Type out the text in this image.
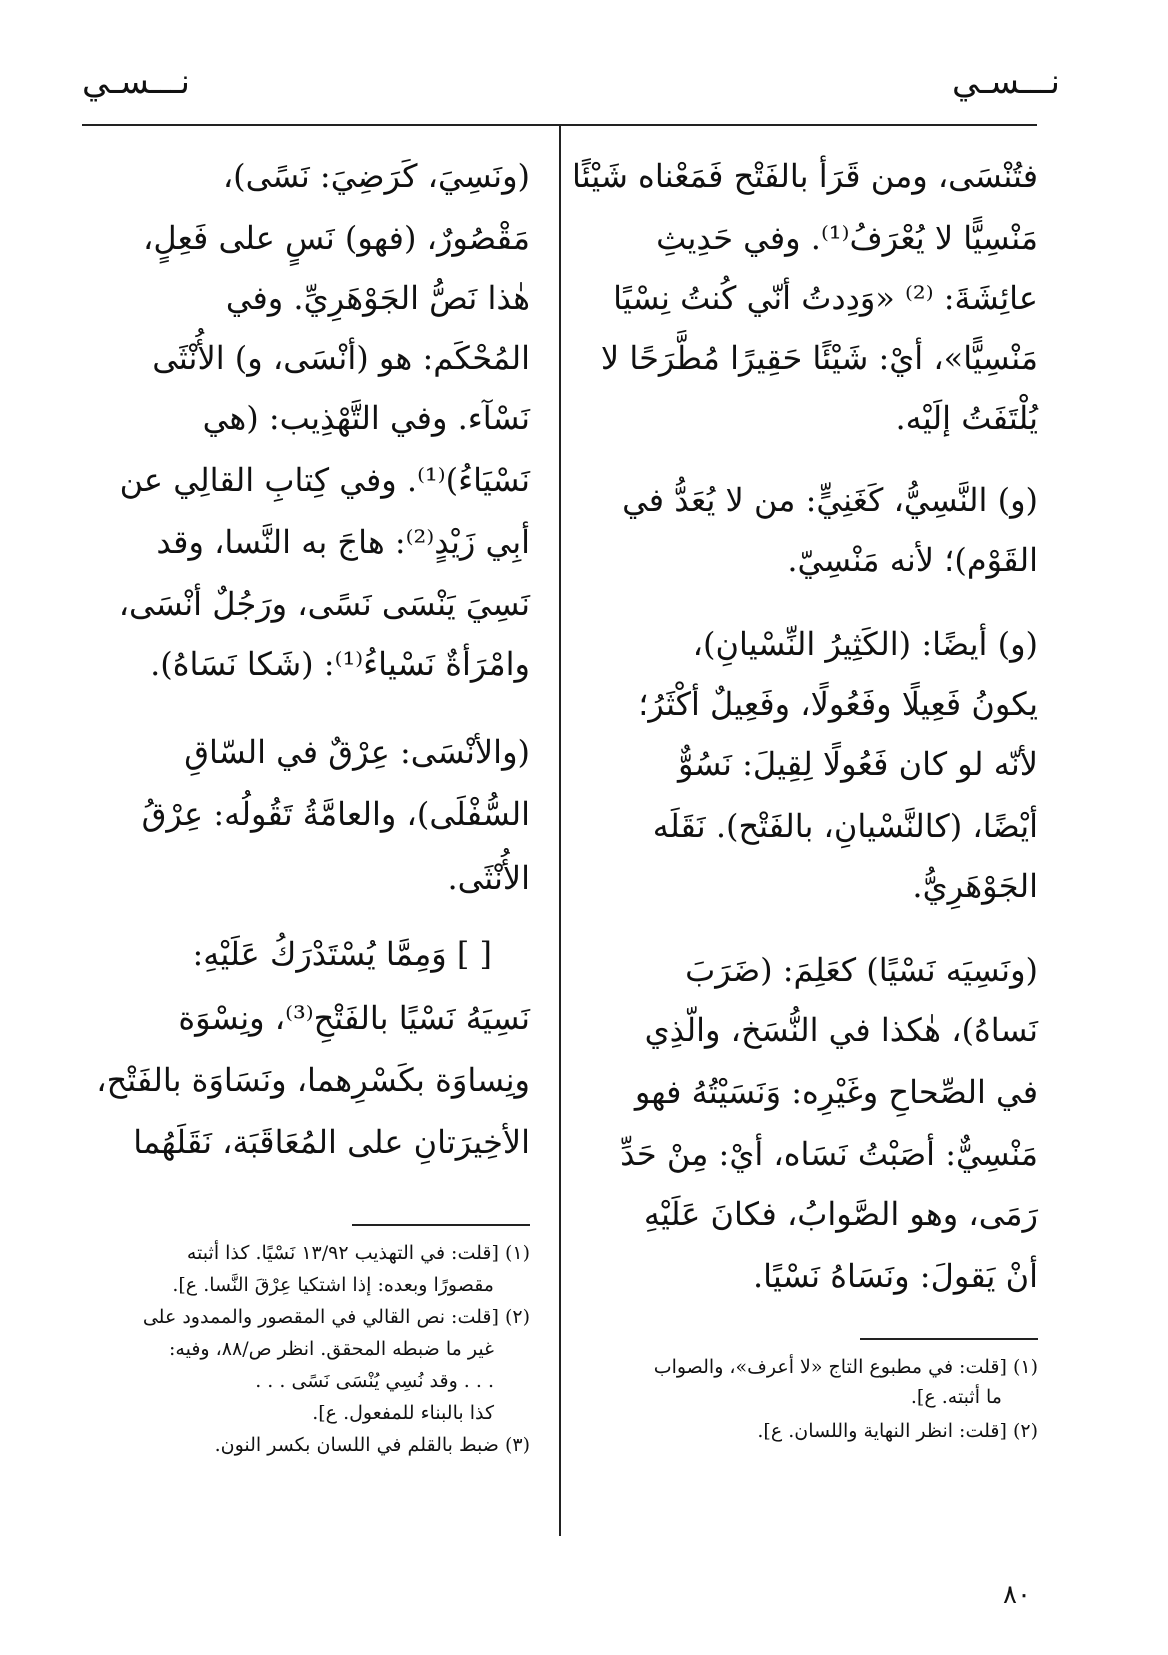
نـــسـي
نـــسـي
فتُنْسَى، ومن قَرَأ بالفَتْح فَمَعْناه شَيْئًا
مَنْسِيًّا لا يُعْرَفُ⁽¹⁾. وفي حَدِيثِ
عائِشَةَ: ⁽²⁾ «وَدِدتُ أنّي كُنتُ نِسْيًا
مَنْسِيًّا»، أيْ: شَيْئًا حَقِيرًا مُطَّرَحًا لا
يُلْتَفَتُ إلَيْه.
(و) النَّسِيُّ، كَغَنِيٍّ: من لا يُعَدُّ في
القَوْم)؛ لأنه مَنْسِيّ.
(و) أيضًا: (الكَثِيرُ النِّسْيانِ)،
يكونُ فَعِيلًا وفَعُولًا، وفَعِيلٌ أكْثَرُ؛
لأنّه لو كان فَعُولًا لِقِيلَ: نَسُوٌّ
أيْضًا، (كالنَّسْيانِ، بالفَتْح). نَقَلَه
الجَوْهَرِيُّ.
(ونَسِيَه نَسْيًا) كعَلِمَ: (ضَرَبَ
نَساهُ)، هٰكذا في النُّسَخ، والّذِي
في الصِّحاحِ وغَيْرِه: وَنَسَيْتُهُ فهو
مَنْسِيٌّ: أصَبْتُ نَسَاه، أيْ: مِنْ حَدِّ
رَمَى، وهو الصَّوابُ، فكانَ عَلَيْهِ
أنْ يَقولَ: ونَسَاهُ نَسْيًا.
(١) [قلت: في مطبوع التاج «لا أعرف»، والصواب
ما أثبته. ع].
(٢) [قلت: انظر النهاية واللسان. ع].
(ونَسِيَ، كَرَضِيَ: نَسًى)،
مَقْصُورٌ، (فهو) نَسٍ على فَعِلٍ،
هٰذا نَصُّ الجَوْهَرِيِّ. وفي
المُحْكَم: هو (أنْسَى، و) الأُنْثَى
نَسْآء. وفي التَّهْذِيب: (هي
نَسْيَاءُ)⁽¹⁾. وفي كِتابِ القالِي عن
أبِي زَيْدٍ⁽²⁾: هاجَ به النَّسا، وقد
نَسِيَ يَنْسَى نَسًى، ورَجُلٌ أنْسَى،
وامْرَأةٌ نَسْياءُ⁽¹⁾: (شَكا نَسَاهُ).
(والأنْسَى: عِرْقٌ في السّاقِ
السُّفْلَى)، والعامَّةُ تَقُولُه: عِرْقُ
الأُنْثَى.
[ ] وَمِمَّا يُسْتَدْرَكُ عَلَيْهِ:
نَسِيَهُ نَسْيًا بالفَتْحِ⁽³⁾، ونِسْوَة
ونِساوَة بكَسْرِهما، ونَسَاوَة بالفَتْح،
الأخِيرَتانِ على المُعَاقَبَة، نَقَلَهُما
(١) [قلت: في التهذيب ١٣/٩٢ نَسْيًا. كذا أثبته
مقصورًا وبعده: إذا اشتكيا عِرْقَ النَّسا. ع].
(٢) [قلت: نص القالي في المقصور والممدود على
غير ما ضبطه المحقق. انظر ص/٨٨، وفيه:
. . . وقد نُسِي يُنْسَى نَسًى . . .
كذا بالبناء للمفعول. ع].
(٣) ضبط بالقلم في اللسان بكسر النون.
٨٠
